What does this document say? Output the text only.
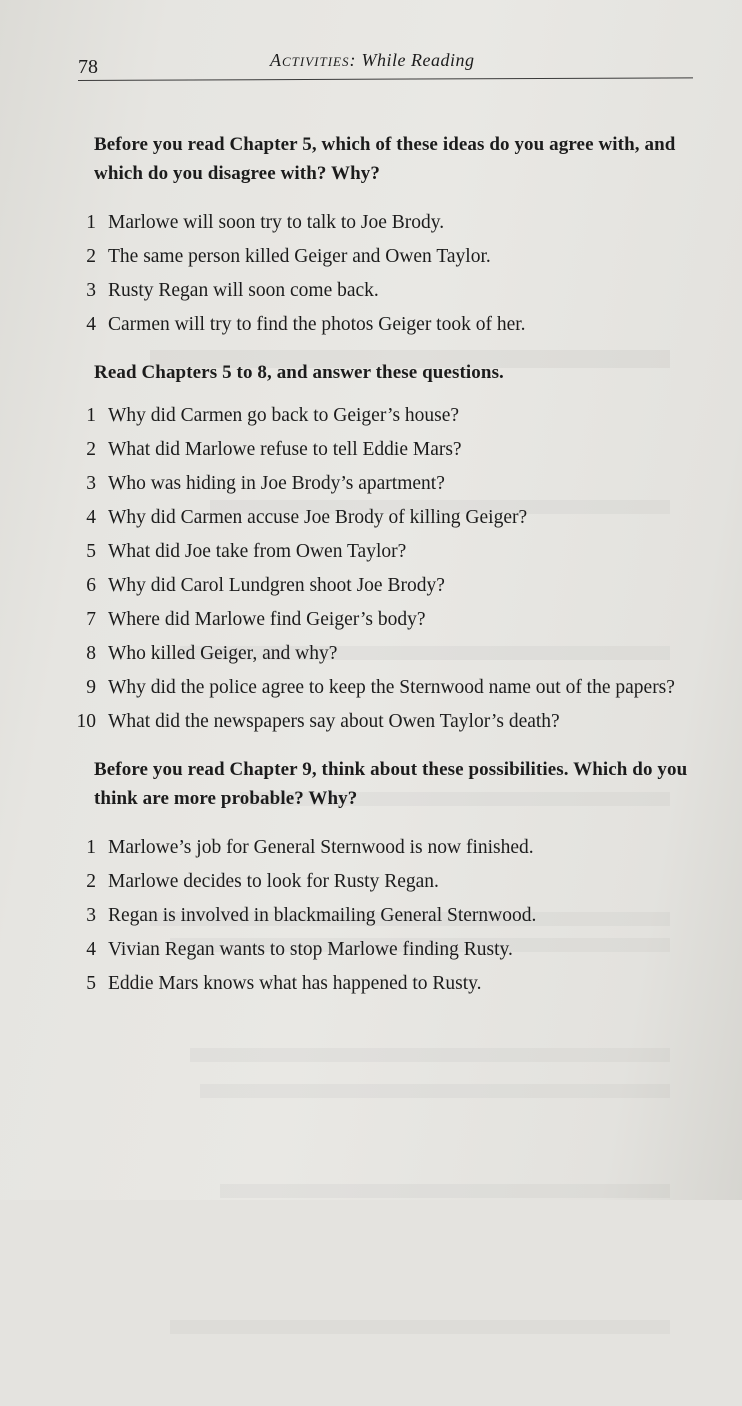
78	Activities: While Reading

Before you read Chapter 5, which of these ideas do you agree with, and which do you disagree with? Why?

1 Marlowe will soon try to talk to Joe Brody.
2 The same person killed Geiger and Owen Taylor.
3 Rusty Regan will soon come back.
4 Carmen will try to find the photos Geiger took of her.

Read Chapters 5 to 8, and answer these questions.

1 Why did Carmen go back to Geiger’s house?
2 What did Marlowe refuse to tell Eddie Mars?
3 Who was hiding in Joe Brody’s apartment?
4 Why did Carmen accuse Joe Brody of killing Geiger?
5 What did Joe take from Owen Taylor?
6 Why did Carol Lundgren shoot Joe Brody?
7 Where did Marlowe find Geiger’s body?
8 Who killed Geiger, and why?
9 Why did the police agree to keep the Sternwood name out of the papers?
10 What did the newspapers say about Owen Taylor’s death?

Before you read Chapter 9, think about these possibilities. Which do you think are more probable? Why?

1 Marlowe’s job for General Sternwood is now finished.
2 Marlowe decides to look for Rusty Regan.
3 Regan is involved in blackmailing General Sternwood.
4 Vivian Regan wants to stop Marlowe finding Rusty.
5 Eddie Mars knows what has happened to Rusty.
